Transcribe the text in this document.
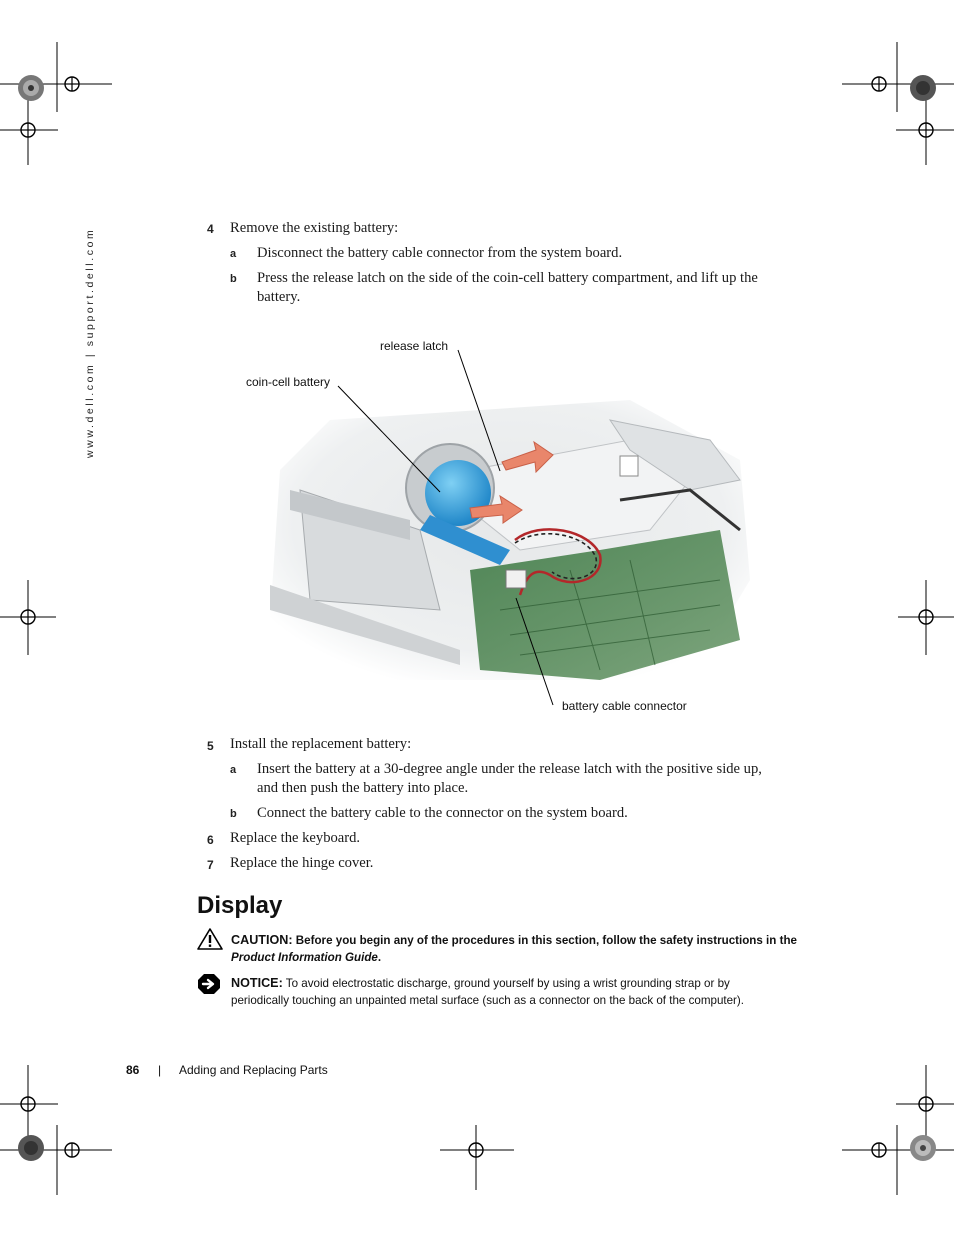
www.dell.com | support.dell.com	4 Remove the existing battery:
a Disconnect the battery cable connector from the system board.
b Press the release latch on the side of the coin-cell battery compartment, and lift up the
battery.
release latch
coin-cell battery
battery cable connector
5 Install the replacement battery:
a Insert the battery at a 30-degree angle under the release latch with the positive side up,
and then push the battery into place.
b Connect the battery cable to the connector on the system board.
6 Replace the keyboard.
7 Replace the hinge cover.
Display
CAUTION: Before you begin any of the procedures in this section, follow the safety instructions in the
Product Information Guide.
NOTICE: To avoid electrostatic discharge, ground yourself by using a wrist grounding strap or by
periodically touching an unpainted metal surface (such as a connector on the back of the computer).
86 | Adding and Replacing Parts
